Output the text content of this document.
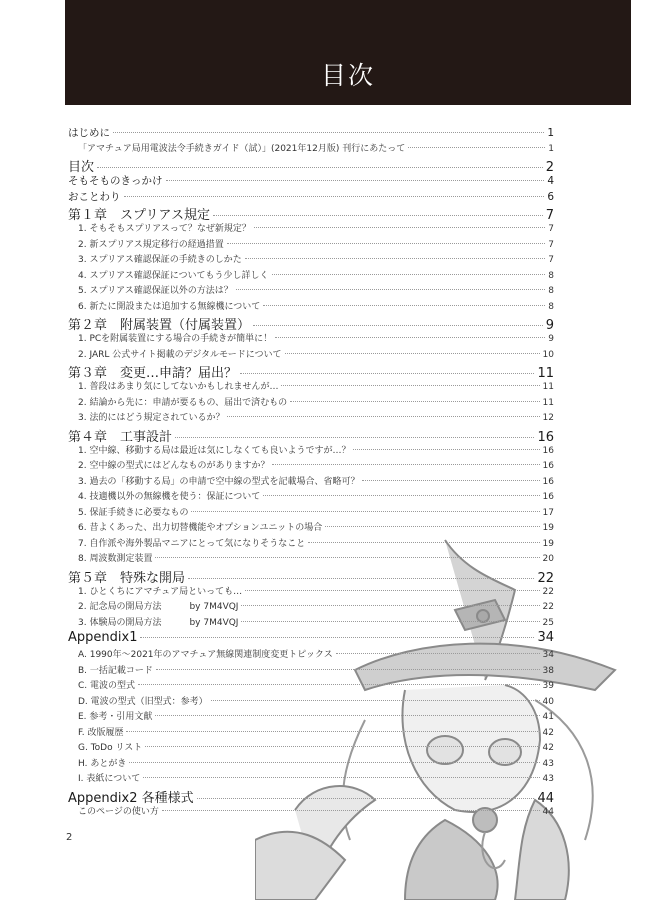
目次
はじめに	1
「アマチュア局用電波法令手続きガイド（試）」(2021年12月版) 刊行にあたって	1
目次	2
そもそものきっかけ	4
おことわり	6
第１章　スプリアス規定	7
1. そもそもスプリアスって？なぜ新規定？	7
2. 新スプリアス規定移行の経過措置	7
3. スプリアス確認保証の手続きのしかた	7
4. スプリアス確認保証についてもう少し詳しく	8
5. スプリアス確認保証以外の方法は？	8
6. 新たに開設または追加する無線機について	8
第２章　附属装置（付属装置）	9
1. PCを附属装置にする場合の手続きが簡単に！	9
2. JARL 公式サイト掲載のデジタルモードについて	10
第３章　変更…申請？届出？	11
1. 普段はあまり気にしてないかもしれませんが…	11
2. 結論から先に：申請が要るもの、届出で済むもの	11
3. 法的にはどう規定されているか？	12
第４章　工事設計	16
1. 空中線、移動する局は最近は気にしなくても良いようですが…？	16
2. 空中線の型式にはどんなものがありますか？	16
3. 過去の「移動する局」の申請で空中線の型式を記載場合、省略可？	16
4. 技適機以外の無線機を使う：保証について	16
5. 保証手続きに必要なもの	17
6. 昔よくあった、出力切替機能やオプションユニットの場合	19
7. 自作派や海外製品マニアにとって気になりそうなこと	19
8. 周波数測定装置	20
第５章　特殊な開局	22
1. ひとくちにアマチュア局といっても…	22
2. 記念局の開局方法	by 7M4VQJ	22
3. 体験局の開局方法	by 7M4VQJ	25
Appendix1	34
A. 1990年～2021年のアマチュア無線関連制度変更トピックス	34
B. 一括記載コード	38
C. 電波の型式	39
D. 電波の型式（旧型式：参考）	40
E. 参考・引用文献	41
F. 改版履歴	42
G. ToDo リスト	42
H. あとがき	43
I. 表紙について	43
Appendix2 各種様式	44
このページの使い方	44
2
